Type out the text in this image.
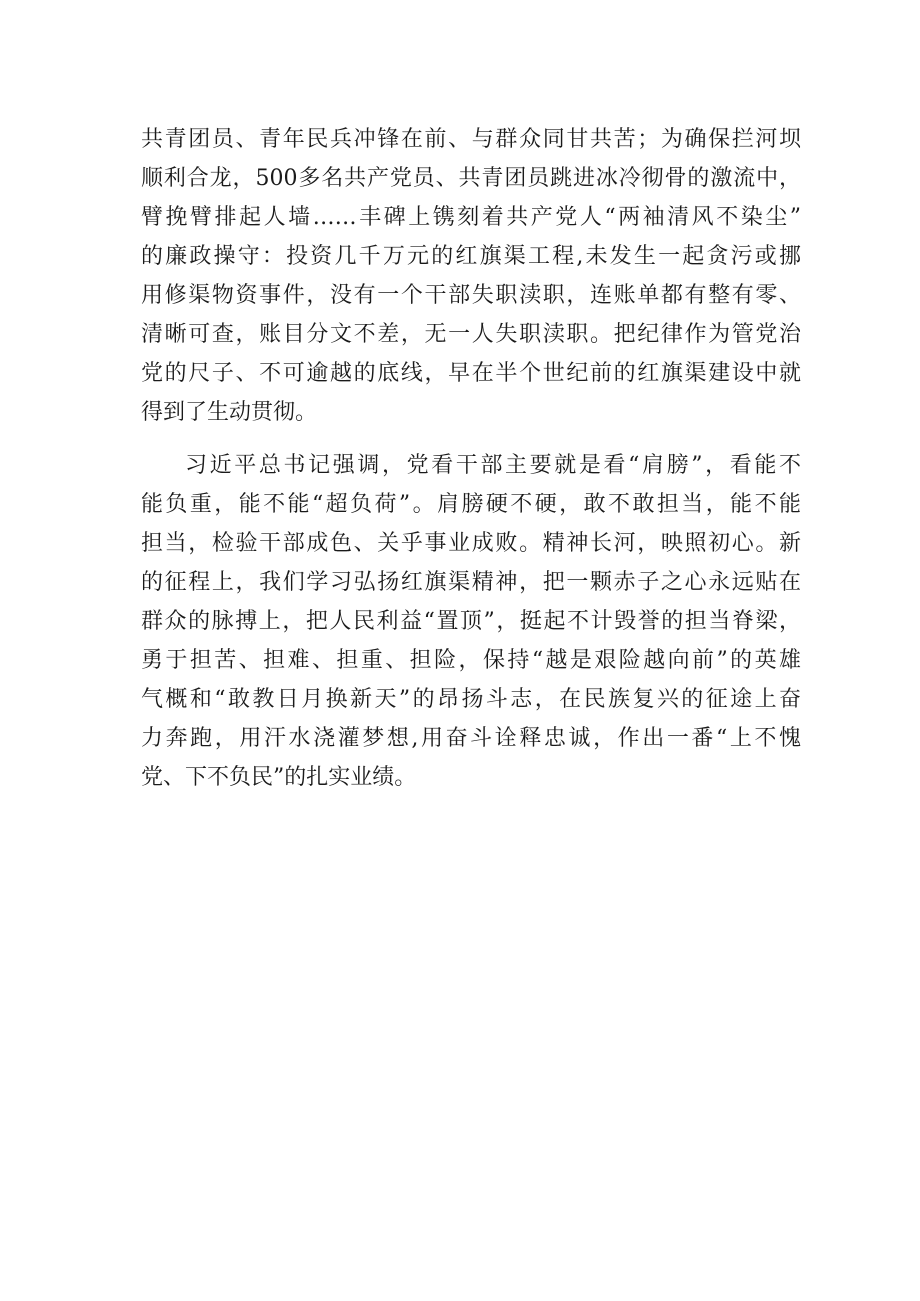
共青团员、青年民兵冲锋在前、与群众同甘共苦；为确保拦河坝
顺利合龙，500多名共产党员、共青团员跳进冰冷彻骨的激流中，
臂挽臂排起人墙……丰碑上镌刻着共产党人“两袖清风不染尘”
的廉政操守：投资几千万元的红旗渠工程,未发生一起贪污或挪
用修渠物资事件，没有一个干部失职渎职，连账单都有整有零、
清晰可查，账目分文不差，无一人失职渎职。把纪律作为管党治
党的尺子、不可逾越的底线，早在半个世纪前的红旗渠建设中就
得到了生动贯彻。
习近平总书记强调，党看干部主要就是看“肩膀”，看能不
能负重，能不能“超负荷”。肩膀硬不硬，敢不敢担当，能不能
担当，检验干部成色、关乎事业成败。精神长河，映照初心。新
的征程上，我们学习弘扬红旗渠精神，把一颗赤子之心永远贴在
群众的脉搏上，把人民利益“置顶”，挺起不计毁誉的担当脊梁，
勇于担苦、担难、担重、担险，保持“越是艰险越向前”的英雄
气概和“敢教日月换新天”的昂扬斗志，在民族复兴的征途上奋
力奔跑，用汗水浇灌梦想,用奋斗诠释忠诚，作出一番“上不愧
党、下不负民”的扎实业绩。
